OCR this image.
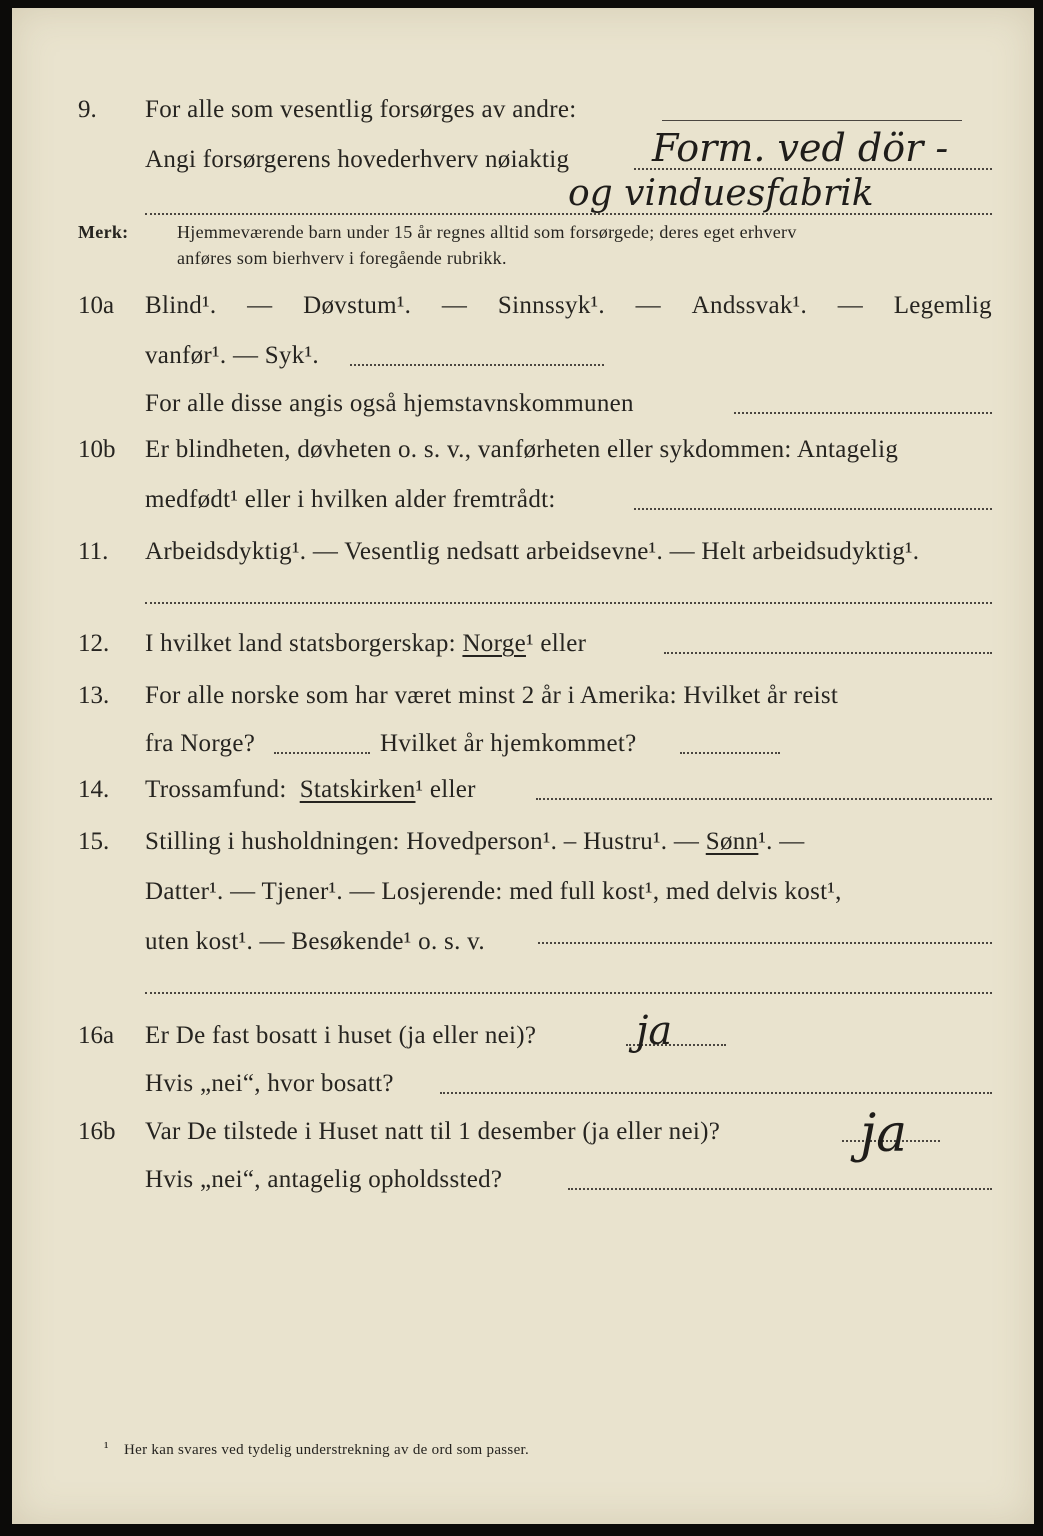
9. For alle som vesentlig forsørges av andre:
Angi forsørgerens hovederhverv nøiaktig Form. ved dör -
og vinduesfabrik
Merk:	Hjemmeværende barn under 15 år regnes alltid som forsørgede; deres eget erhverv
anføres som bierhverv i foregående rubrikk.
10a Blind¹. — Døvstum¹. — Sinnssyk¹. — Andssvak¹. — Legemlig
vanfør¹. — Syk¹.
For alle disse angis også hjemstavnskommunen
10b Er blindheten, døvheten o. s. v., vanførheten eller sykdommen: Antagelig
medfødt¹ eller i hvilken alder fremtrådt:
11. Arbeidsdyktig¹. — Vesentlig nedsatt arbeidsevne¹. — Helt arbeidsudyktig¹.
12. I hvilket land statsborgerskap: Norge¹ eller
13. For alle norske som har været minst 2 år i Amerika: Hvilket år reist
fra Norge?	Hvilket år hjemkommet?
14. Trossamfund: Statskirken¹ eller
15. Stilling i husholdningen: Hovedperson¹. – Hustru¹. — Sønn¹. —
Datter¹. — Tjener¹. — Losjerende: med full kost¹, med delvis kost¹,
uten kost¹. — Besøkende¹ o. s. v.
16a Er De fast bosatt i huset (ja eller nei)? ja
Hvis „nei“, hvor bosatt?
16b Var De tilstede i Huset natt til 1 desember (ja eller nei)?	ja
Hvis „nei“, antagelig opholdssted?
¹ Her kan svares ved tydelig understrekning av de ord som passer.
